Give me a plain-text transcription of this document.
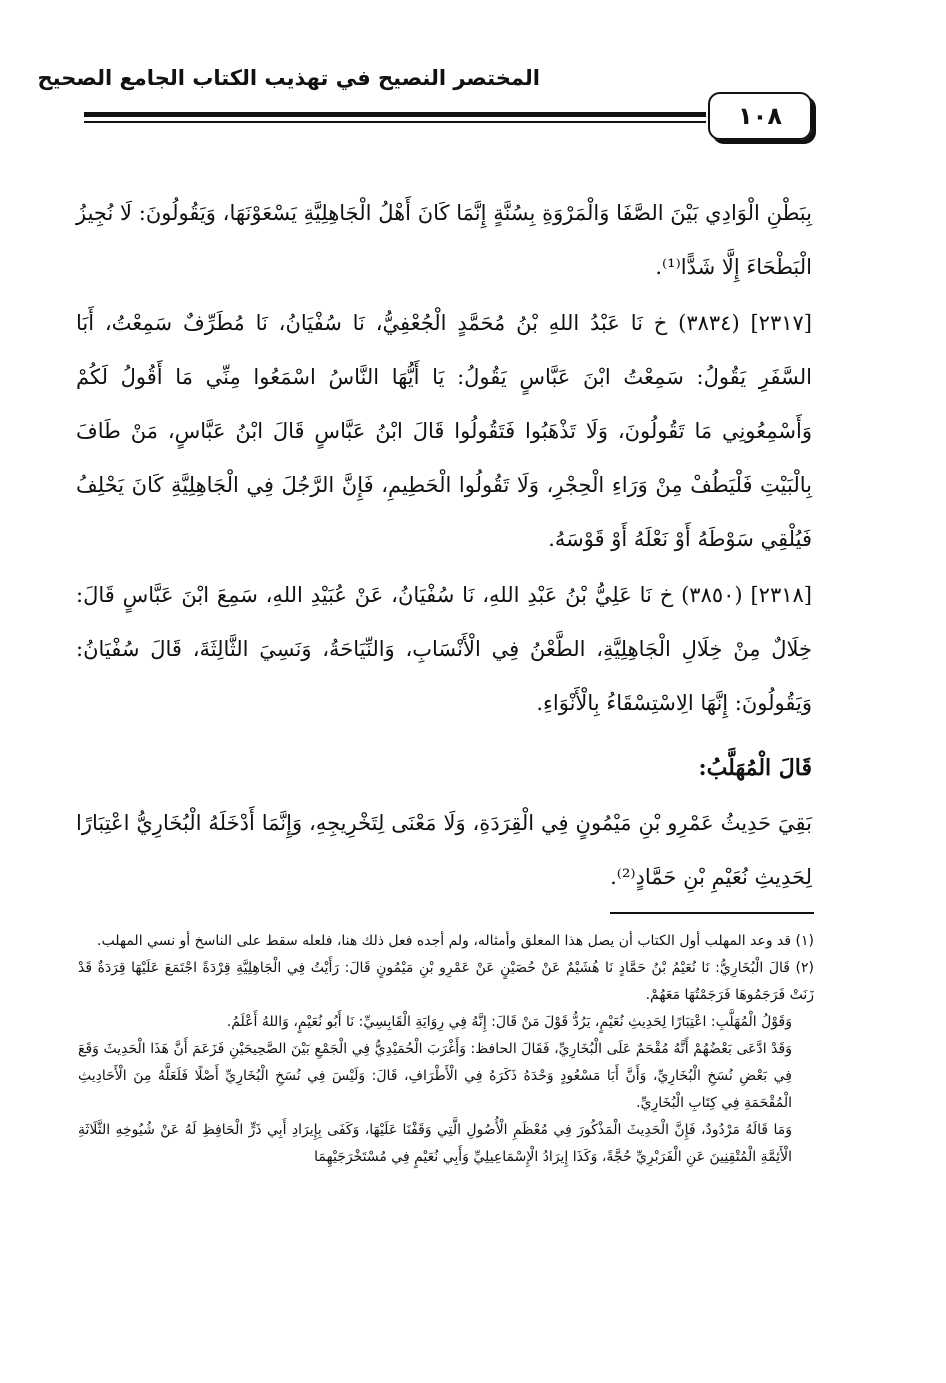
المختصر النصيح في تهذيب الكتاب الجامع الصحيح
١٠٨

بِبَطْنِ الْوَادِي بَيْنَ الصَّفَا وَالْمَرْوَةِ بِسُنَّةٍ إِنَّمَا كَانَ أَهْلُ الْجَاهِلِيَّةِ يَسْعَوْنَهَا، وَيَقُولُونَ: لَا نُجِيزُ الْبَطْحَاءَ إِلَّا شَدًّا⁽¹⁾.

[٢٣١٧] (٣٨٣٤) خ نَا عَبْدُ اللهِ بْنُ مُحَمَّدٍ الْجُعْفِيُّ، نَا سُفْيَانُ، نَا مُطَرِّفٌ سَمِعْتُ، أَبَا السَّفَرِ يَقُولُ: سَمِعْتُ ابْنَ عَبَّاسٍ يَقُولُ: يَا أَيُّهَا النَّاسُ اسْمَعُوا مِنِّي مَا أَقُولُ لَكُمْ وَأَسْمِعُونِي مَا تَقُولُونَ، وَلَا تَذْهَبُوا فَتَقُولُوا قَالَ ابْنُ عَبَّاسٍ قَالَ ابْنُ عَبَّاسٍ، مَنْ طَافَ بِالْبَيْتِ فَلْيَطُفْ مِنْ وَرَاءِ الْحِجْرِ، وَلَا تَقُولُوا الْحَطِيمِ، فَإِنَّ الرَّجُلَ فِي الْجَاهِلِيَّةِ كَانَ يَحْلِفُ فَيُلْقِي سَوْطَهُ أَوْ نَعْلَهُ أَوْ قَوْسَهُ.

[٢٣١٨] (٣٨٥٠) خ نَا عَلِيُّ بْنُ عَبْدِ اللهِ، نَا سُفْيَانُ، عَنْ عُبَيْدِ اللهِ، سَمِعَ ابْنَ عَبَّاسٍ قَالَ: خِلَالٌ مِنْ خِلَالِ الْجَاهِلِيَّةِ، الطَّعْنُ فِي الْأَنْسَابِ، وَالنِّيَاحَةُ، وَنَسِيَ الثَّالِثَةَ، قَالَ سُفْيَانُ: وَيَقُولُونَ: إِنَّهَا الِاسْتِسْقَاءُ بِالْأَنْوَاءِ.

قَالَ الْمُهَلَّبُ:

بَقِيَ حَدِيثُ عَمْرِو بْنِ مَيْمُونٍ فِي الْقِرَدَةِ، وَلَا مَعْنَى لِتَخْرِيجِهِ، وَإِنَّمَا أَدْخَلَهُ الْبُخَارِيُّ اعْتِبَارًا لِحَدِيثِ نُعَيْمِ بْنِ حَمَّادٍ⁽²⁾.

(١) قد وعد المهلب أول الكتاب أن يصل هذا المعلق وأمثاله، ولم أجده فعل ذلك هنا، فلعله سقط على الناسخ أو نسي المهلب.

(٢) قَالَ الْبُخَارِيُّ: نَا نُعَيْمُ بْنُ حَمَّادٍ نَا هُشَيْمٌ عَنْ حُصَيْنٍ عَنْ عَمْرِو بْنِ مَيْمُونٍ قَالَ: رَأَيْتُ فِي الْجَاهِلِيَّةِ قِرْدَةً اجْتَمَعَ عَلَيْهَا قِرَدَةٌ قَدْ زَنَتْ فَرَجَمُوهَا فَرَجَمْتُهَا مَعَهُمْ.

وَقَوْلُ الْمُهَلَّبِ: اعْتِبَارًا لِحَدِيثِ نُعَيْمٍ، يَرُدُّ قَوْلَ مَنْ قَالَ: إِنَّهُ فِي رِوَايَةِ الْقَابِسِيِّ: نَا أَبُو نُعَيْمٍ، وَاللهُ أَعْلَمُ.

وَقَدْ ادَّعَى بَعْضُهُمْ أَنَّهُ مُقْحَمٌ عَلَى الْبُخَارِيِّ، فَقَالَ الحافظ: وَأَغْرَبَ الْحُمَيْدِيُّ فِي الْجَمْعِ بَيْنَ الصَّحِيحَيْنِ فَزَعَمَ أَنَّ هَذَا الْحَدِيثَ وَقَعَ فِي بَعْضِ نُسَخِ الْبُخَارِيِّ، وَأَنَّ أَبَا مَسْعُودٍ وَحْدَهُ ذَكَرَهُ فِي الْأَطْرَافِ، قَالَ: وَلَيْسَ فِي نُسَخِ الْبُخَارِيِّ أَصْلًا فَلَعَلَّهُ مِنَ الْأَحَادِيثِ الْمُقْحَمَةِ فِي كِتَابِ الْبُخَارِيِّ.

وَمَا قَالَهُ مَرْدُودٌ، فَإِنَّ الْحَدِيثَ الْمَذْكُورَ فِي مُعْظَمِ الْأُصُولِ الَّتِي وَقَفْنَا عَلَيْهَا، وَكَفَى بِإِيرَادِ أَبِي ذَرٍّ الْحَافِظِ لَهُ عَنْ شُيُوخِهِ الثَّلَاثَةِ الْأَئِمَّةِ الْمُتْقِنِينَ عَنِ الْفَرَبْرِيِّ حُجَّةً، وَكَذَا إِيرَادُ الْإِسْمَاعِيلِيِّ وَأَبِي نُعَيْمٍ فِي مُسْتَخْرَجَيْهِمَا
